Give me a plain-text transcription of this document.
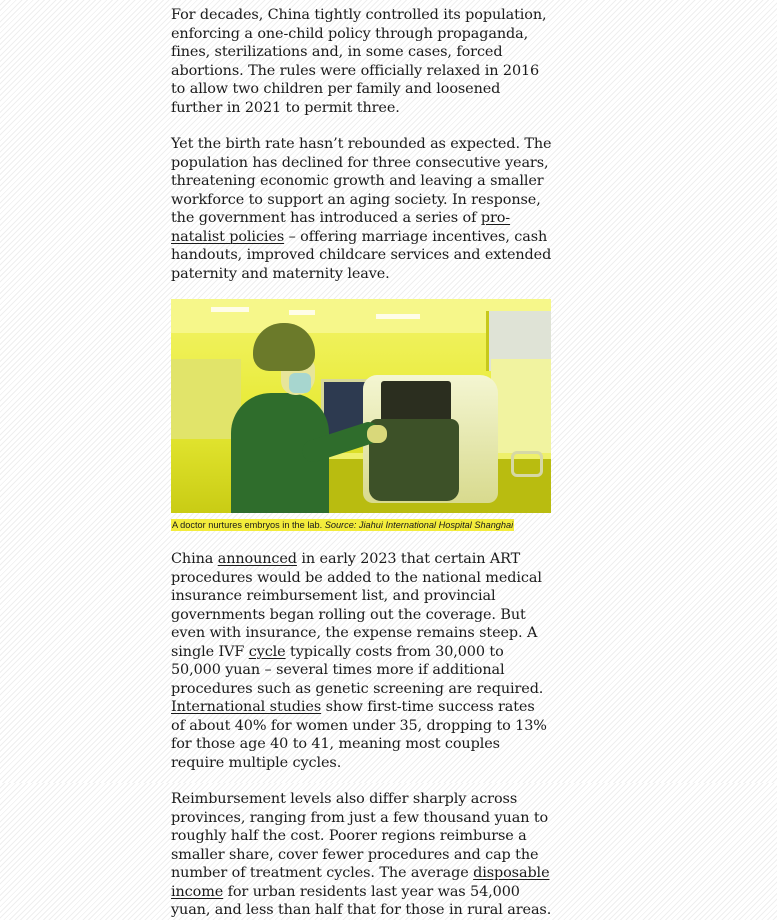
For decades, China tightly controlled its population, enforcing a one-child policy through propaganda, fines, sterilizations and, in some cases, forced abortions. The rules were officially relaxed in 2016 to allow two children per family and loosened further in 2021 to permit three.

Yet the birth rate hasn’t rebounded as expected. The population has declined for three consecutive years, threatening economic growth and leaving a smaller workforce to support an aging society. In response, the government has introduced a series of pro-natalist policies – offering marriage incentives, cash handouts, improved childcare services and extended paternity and maternity leave.

A doctor nurtures embryos in the lab. Source: Jiahui International Hospital Shanghai

China announced in early 2023 that certain ART procedures would be added to the national medical insurance reimbursement list, and provincial governments began rolling out the coverage. But even with insurance, the expense remains steep. A single IVF cycle typically costs from 30,000 to 50,000 yuan – several times more if additional procedures such as genetic screening are required. International studies show first-time success rates of about 40% for women under 35, dropping to 13% for those age 40 to 41, meaning most couples require multiple cycles.

Reimbursement levels also differ sharply across provinces, ranging from just a few thousand yuan to roughly half the cost. Poorer regions reimburse a smaller share, cover fewer procedures and cap the number of treatment cycles. The average disposable income for urban residents last year was 54,000 yuan, and less than half that for those in rural areas.
